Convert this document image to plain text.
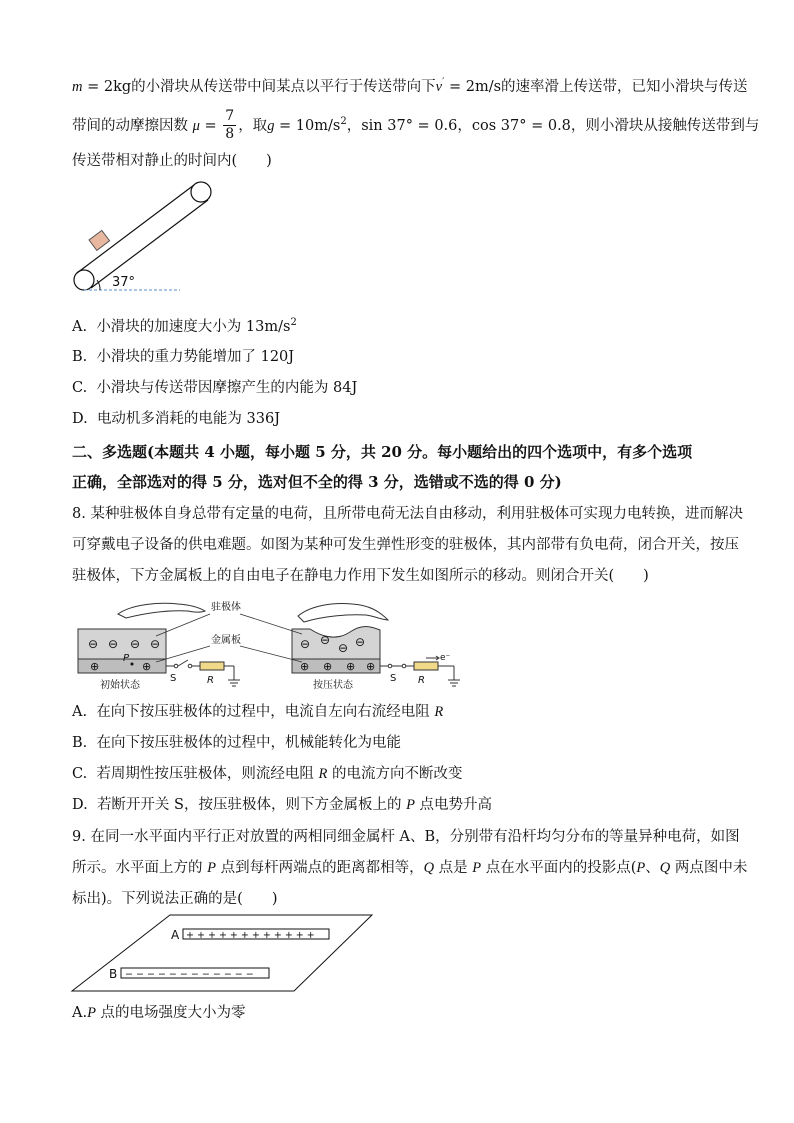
m = 2kg的小滑块从传送带中间某点以平行于传送带向下v′ = 2m/s的速率滑上传送带，已知小滑块与传送
带间的动摩擦因数 $\mu = \frac{7}{8}$ ，取$g = 10m/s^2$，sin 37° = 0.6，cos 37° = 0.8，则小滑块从接触传送带到与
传送带相对静止的时间内(　　)
37°
A. 小滑块的加速度大小为 $13m/s^2$
B. 小滑块的重力势能增加了 120J
C. 小滑块与传送带因摩擦产生的内能为 84J
D. 电动机多消耗的电能为 336J
二、多选题(本题共 4 小题，每小题 5 分，共 20 分。每小题给出的四个选项中，有多个选项
正确，全部选对的得 5 分，选对但不全的得 3 分，选错或不选的得 0 分)
8. 某种驻极体自身总带有定量的电荷，且所带电荷无法自由移动，利用驻极体可实现力电转换，进而解决
可穿戴电子设备的供电难题。如图为某种可发生弹性形变的驻极体，其内部带有负电荷，闭合开关，按压
驻极体，下方金属板上的自由电子在静电力作用下发生如图所示的移动。则闭合开关(　　)
⊖ ⊖ ⊖ ⊖
⊕	⊕
P
S	R
初始状态
⊖ ⊖
⊖ ⊖
⊕ ⊕ ⊕ ⊕
e⁻
S R
按压状态
驻极体
金属板
A. 在向下按压驻极体的过程中，电流自左向右流经电阻 R
B. 在向下按压驻极体的过程中，机械能转化为电能
C. 若周期性按压驻极体，则流经电阻 R 的电流方向不断改变
D. 若断开开关 S，按压驻极体，则下方金属板上的 P 点电势升高
9. 在同一水平面内平行正对放置的两相同细金属杆 A、B，分别带有沿杆均匀分布的等量异种电荷，如图
所示。水平面上方的 P 点到每杆两端点的距离都相等，Q 点是 P 点在水平面内的投影点(P、Q 两点图中未
标出)。下列说法正确的是(　　)
A + + + + + + + + + + + +
B − − − − − − − − − − − −
A.P 点的电场强度大小为零
